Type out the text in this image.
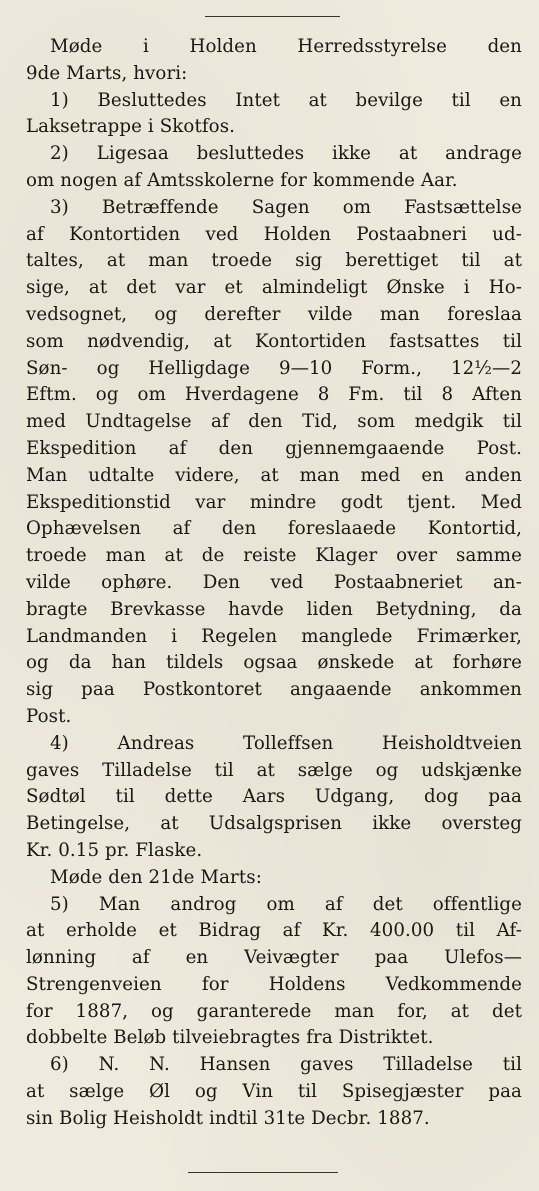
Møde i Holden Herredsstyrelse den
9de Marts, hvori:
1) Besluttedes Intet at bevilge til en
Laksetrappe i Skotfos.
2) Ligesaa besluttedes ikke at andrage
om nogen af Amtsskolerne for kommende Aar.
3) Betræffende Sagen om Fastsættelse
af Kontortiden ved Holden Postaabneri ud-
taltes, at man troede sig berettiget til at
sige, at det var et almindeligt Ønske i Ho-
vedsognet, og derefter vilde man foreslaa
som nødvendig, at Kontortiden fastsattes til
Søn- og Helligdage 9—10 Form., 12½—2
Eftm. og om Hverdagene 8 Fm. til 8 Aften
med Undtagelse af den Tid, som medgik til
Ekspedition af den gjennemgaaende Post.
Man udtalte videre, at man med en anden
Ekspeditionstid var mindre godt tjent. Med
Ophævelsen af den foreslaaede Kontortid,
troede man at de reiste Klager over samme
vilde ophøre. Den ved Postaabneriet an-
bragte Brevkasse havde liden Betydning, da
Landmanden i Regelen manglede Frimærker,
og da han tildels ogsaa ønskede at forhøre
sig paa Postkontoret angaaende ankommen
Post.
4) Andreas Tolleffsen Heisholdtveien
gaves Tilladelse til at sælge og udskjænke
Sødtøl til dette Aars Udgang, dog paa
Betingelse, at Udsalgsprisen ikke oversteg
Kr. 0.15 pr. Flaske.
Møde den 21de Marts:
5) Man androg om af det offentlige
at erholde et Bidrag af Kr. 400.00 til Af-
lønning af en Veivægter paa Ulefos—
Strengenveien for Holdens Vedkommende
for 1887, og garanterede man for, at det
dobbelte Beløb tilveiebragtes fra Distriktet.
6) N. N. Hansen gaves Tilladelse til
at sælge Øl og Vin til Spisegjæster paa
sin Bolig Heisholdt indtil 31te Decbr. 1887.
